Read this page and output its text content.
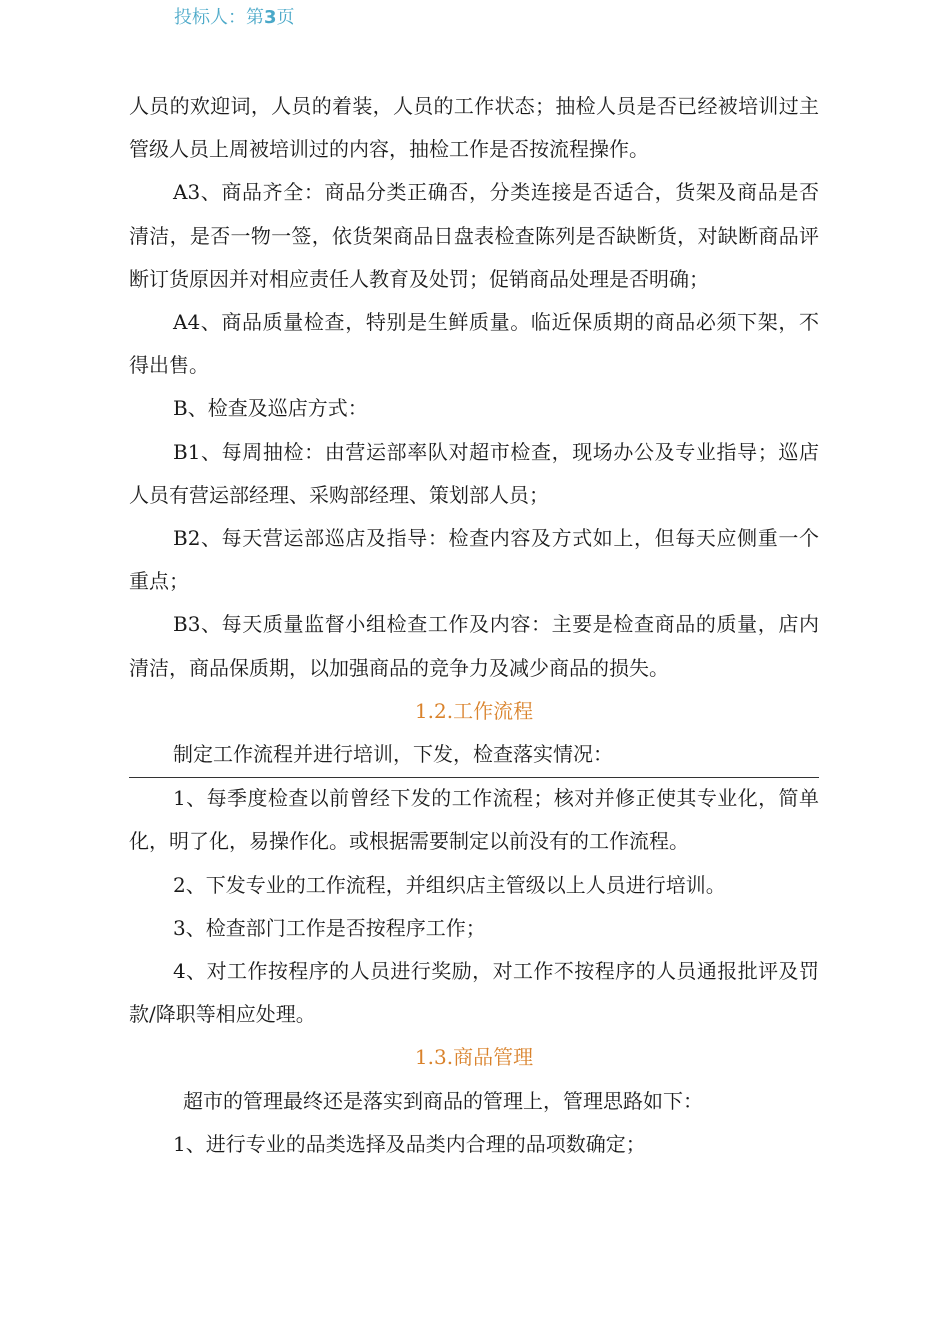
投标人：第3页

人员的欢迎词，人员的着装，人员的工作状态；抽检人员是否已经被培训过主管级人员上周被培训过的内容，抽检工作是否按流程操作。

A3、商品齐全：商品分类正确否，分类连接是否适合，货架及商品是否清洁，是否一物一签，依货架商品日盘表检查陈列是否缺断货，对缺断商品评断订货原因并对相应责任人教育及处罚；促销商品处理是否明确；

A4、商品质量检查，特别是生鲜质量。临近保质期的商品必须下架，不得出售。

B、检查及巡店方式：

B1、每周抽检：由营运部率队对超市检查，现场办公及专业指导；巡店人员有营运部经理、采购部经理、策划部人员；

B2、每天营运部巡店及指导：检查内容及方式如上，但每天应侧重一个重点；

B3、每天质量监督小组检查工作及内容：主要是检查商品的质量，店内清洁，商品保质期，以加强商品的竞争力及减少商品的损失。

1.2.工作流程

制定工作流程并进行培训，下发，检查落实情况：

1、每季度检查以前曾经下发的工作流程；核对并修正使其专业化，简单化，明了化，易操作化。或根据需要制定以前没有的工作流程。

2、下发专业的工作流程，并组织店主管级以上人员进行培训。

3、检查部门工作是否按程序工作；

4、对工作按程序的人员进行奖励，对工作不按程序的人员通报批评及罚款/降职等相应处理。

1.3.商品管理

超市的管理最终还是落实到商品的管理上，管理思路如下：

1、进行专业的品类选择及品类内合理的品项数确定；
